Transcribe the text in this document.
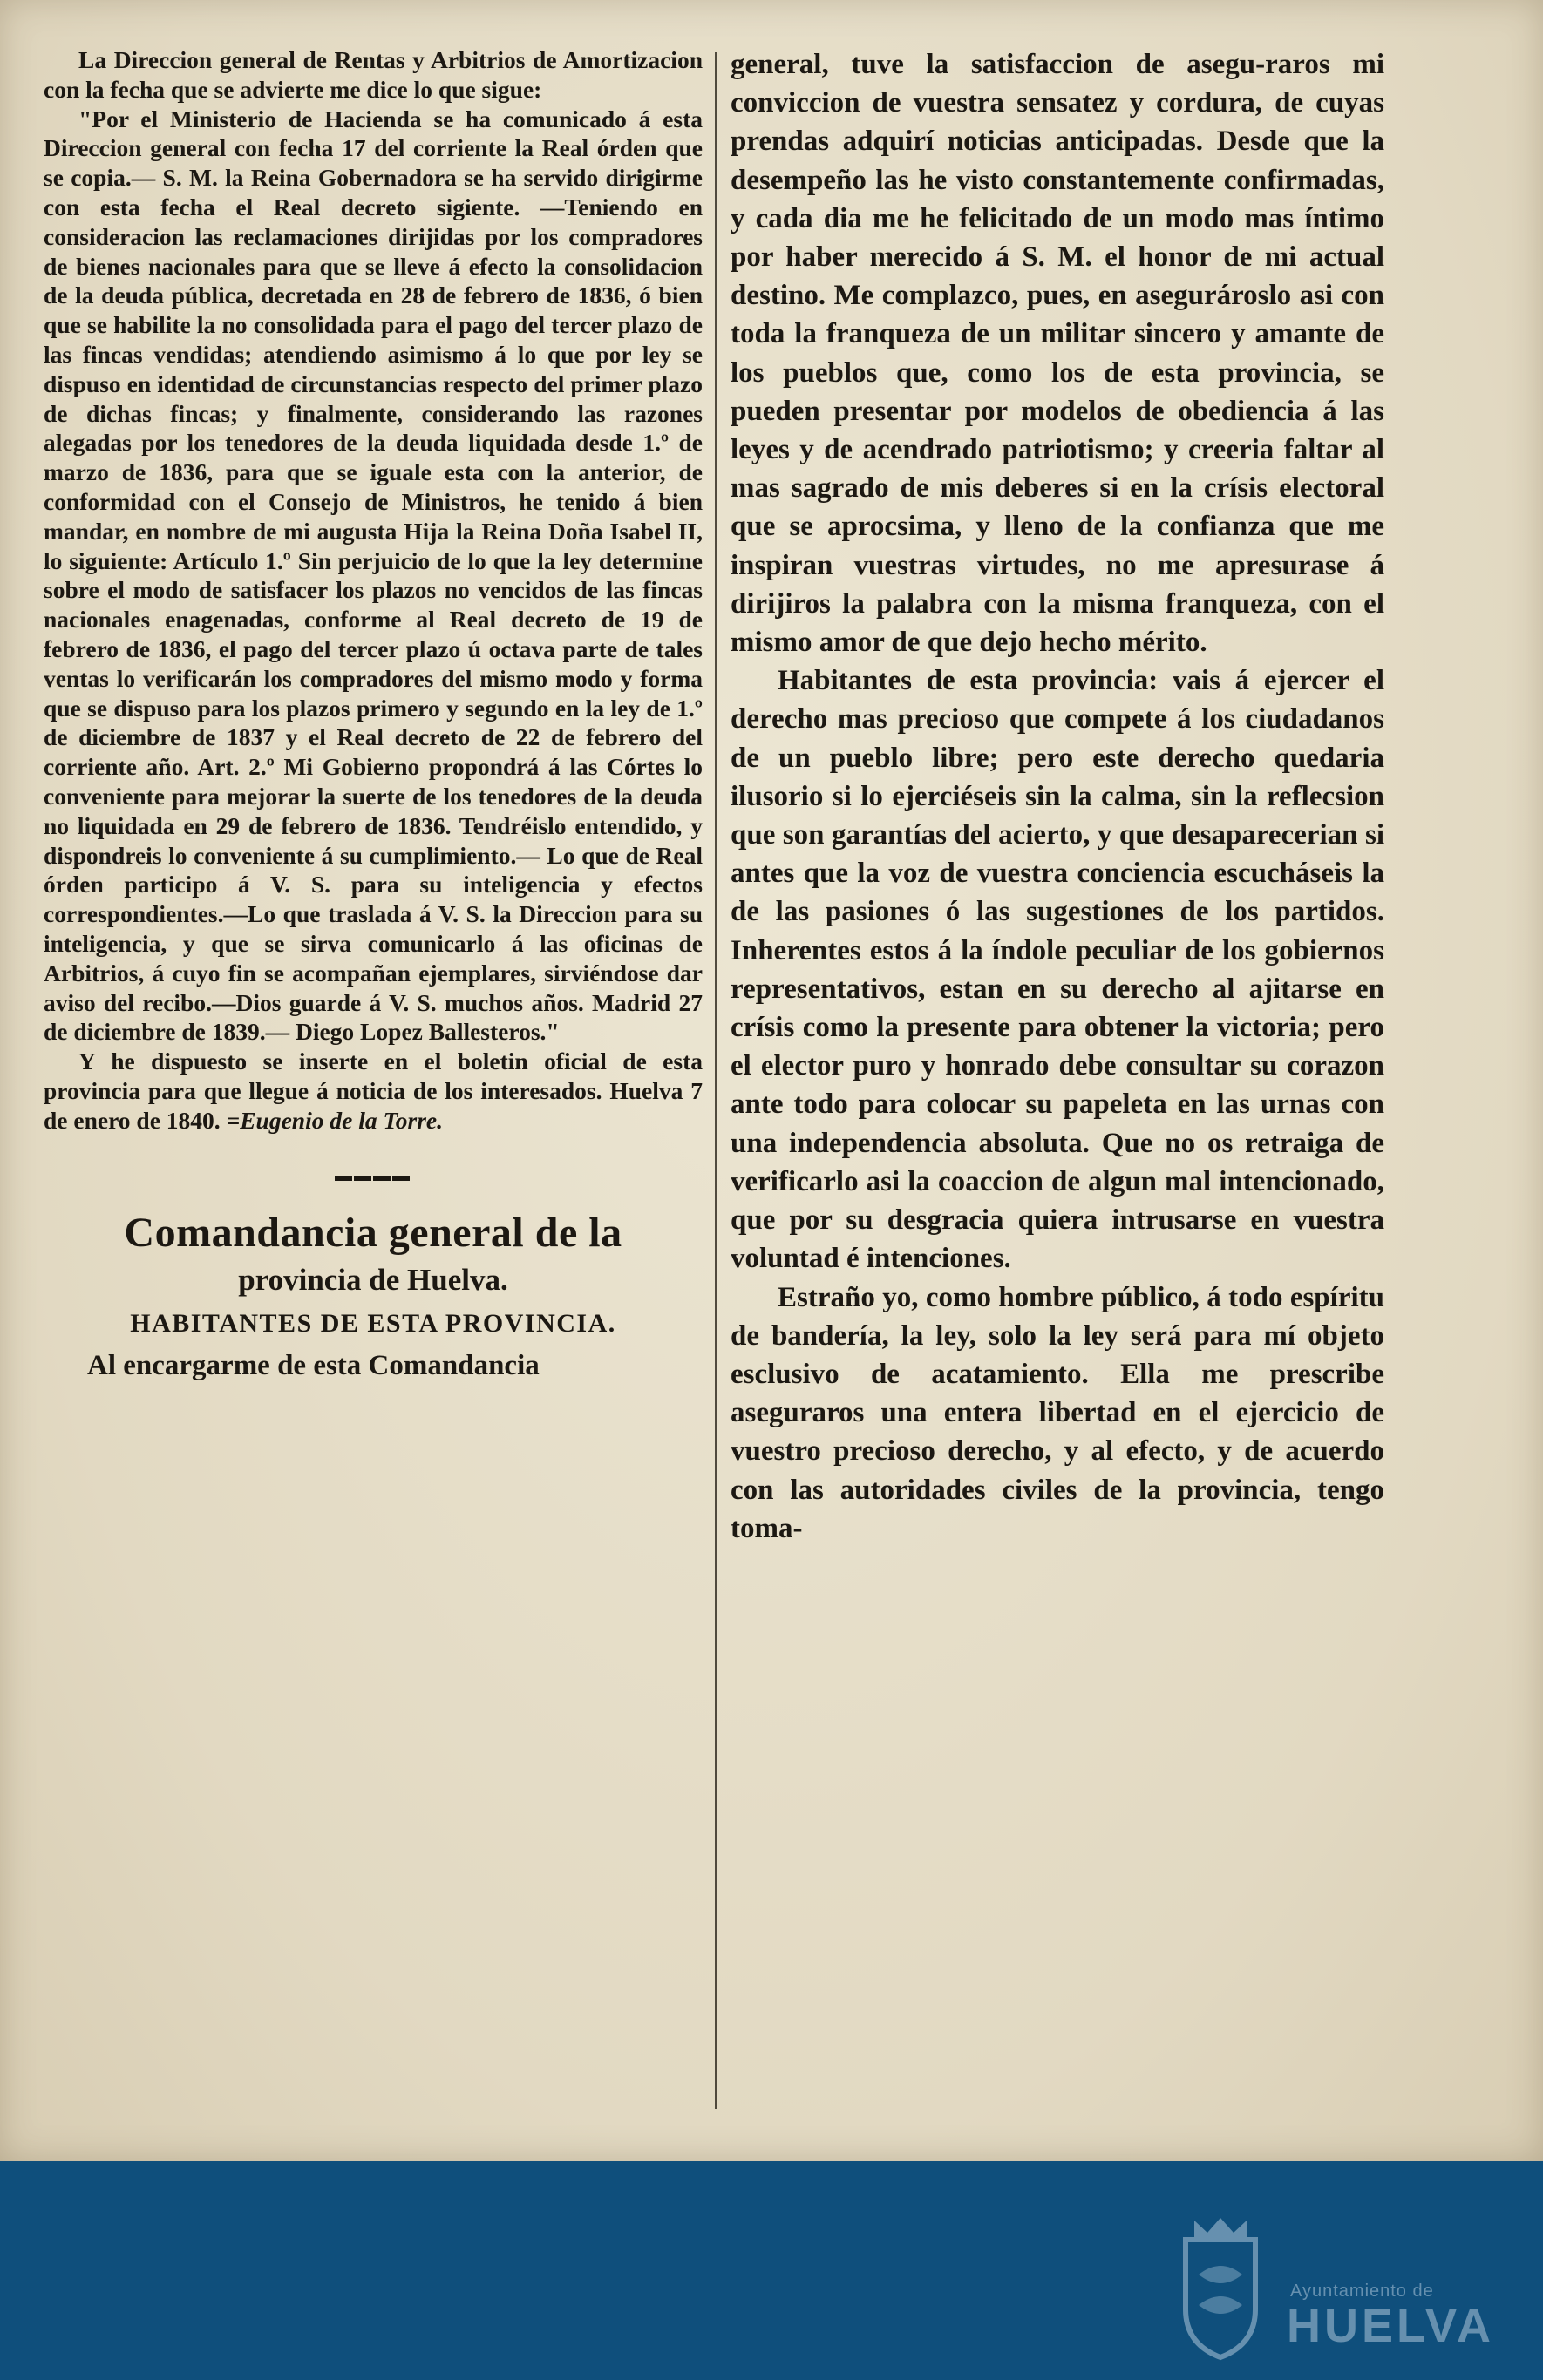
La Direccion general de Rentas y Arbitrios de Amortizacion con la fecha que se advierte me dice lo que sigue:

"Por el Ministerio de Hacienda se ha comunicado á esta Direccion general con fecha 17 del corriente la Real órden que se copia.— S. M. la Reina Gobernadora se ha servido dirigirme con esta fecha el Real decreto sigiente. —Teniendo en consideracion las reclamaciones dirijidas por los compradores de bienes nacionales para que se lleve á efecto la consolidacion de la deuda pública, decretada en 28 de febrero de 1836, ó bien que se habilite la no consolidada para el pago del tercer plazo de las fincas vendidas; atendiendo asimismo á lo que por ley se dispuso en identidad de circunstancias respecto del primer plazo de dichas fincas; y finalmente, considerando las razones alegadas por los tenedores de la deuda liquidada desde 1.º de marzo de 1836, para que se iguale esta con la anterior, de conformidad con el Consejo de Ministros, he tenido á bien mandar, en nombre de mi augusta Hija la Reina Doña Isabel II, lo siguiente: Artículo 1.º Sin perjuicio de lo que la ley determine sobre el modo de satisfacer los plazos no vencidos de las fincas nacionales enagenadas, conforme al Real decreto de 19 de febrero de 1836, el pago del tercer plazo ú octava parte de tales ventas lo verificarán los compradores del mismo modo y forma que se dispuso para los plazos primero y segundo en la ley de 1.º de diciembre de 1837 y el Real decreto de 22 de febrero del corriente año. Art. 2.º Mi Gobierno propondrá á las Córtes lo conveniente para mejorar la suerte de los tenedores de la deuda no liquidada en 29 de febrero de 1836. Tendréislo entendido, y dispondreis lo conveniente á su cumplimiento.— Lo que de Real órden participo á V. S. para su inteligencia y efectos correspondientes.—Lo que traslada á V. S. la Direccion para su inteligencia, y que se sirva comunicarlo á las oficinas de Arbitrios, á cuyo fin se acompañan ejemplares, sirviéndose dar aviso del recibo.—Dios guarde á V. S. muchos años. Madrid 27 de diciembre de 1839.— Diego Lopez Ballesteros."

Y he dispuesto se inserte en el boletin oficial de esta provincia para que llegue á noticia de los interesados. Huelva 7 de enero de 1840. =Eugenio de la Torre.

▬▬▬▬
Comandancia general de la
provincia de Huelva.
HABITANTES DE ESTA PROVINCIA.

Al encargarme de esta Comandancia

general, tuve la satisfaccion de asegu-raros mi conviccion de vuestra sensatez y cordura, de cuyas prendas adquirí noticias anticipadas. Desde que la desempeño las he visto constantemente confirmadas, y cada dia me he felicitado de un modo mas íntimo por haber merecido á S. M. el honor de mi actual destino. Me complazco, pues, en asegurároslo asi con toda la franqueza de un militar sincero y amante de los pueblos que, como los de esta provincia, se pueden presentar por modelos de obediencia á las leyes y de acendrado patriotismo; y creeria faltar al mas sagrado de mis deberes si en la crísis electoral que se aprocsima, y lleno de la confianza que me inspiran vuestras virtudes, no me apresurase á dirijiros la palabra con la misma franqueza, con el mismo amor de que dejo hecho mérito.

Habitantes de esta provincia: vais á ejercer el derecho mas precioso que compete á los ciudadanos de un pueblo libre; pero este derecho quedaria ilusorio si lo ejerciéseis sin la calma, sin la reflecsion que son garantías del acierto, y que desaparecerian si antes que la voz de vuestra conciencia escucháseis la de las pasiones ó las sugestiones de los partidos. Inherentes estos á la índole peculiar de los gobiernos representativos, estan en su derecho al ajitarse en crísis como la presente para obtener la victoria; pero el elector puro y honrado debe consultar su corazon ante todo para colocar su papeleta en las urnas con una independencia absoluta. Que no os retraiga de verificarlo asi la coaccion de algun mal intencionado, que por su desgracia quiera intrusarse en vuestra voluntad é intenciones.

Estraño yo, como hombre público, á todo espíritu de bandería, la ley, solo la ley será para mí objeto esclusivo de acatamiento. Ella me prescribe aseguraros una entera libertad en el ejercicio de vuestro precioso derecho, y al efecto, y de acuerdo con las autoridades civiles de la provincia, tengo toma-

Ayuntamiento de
HUELVA
